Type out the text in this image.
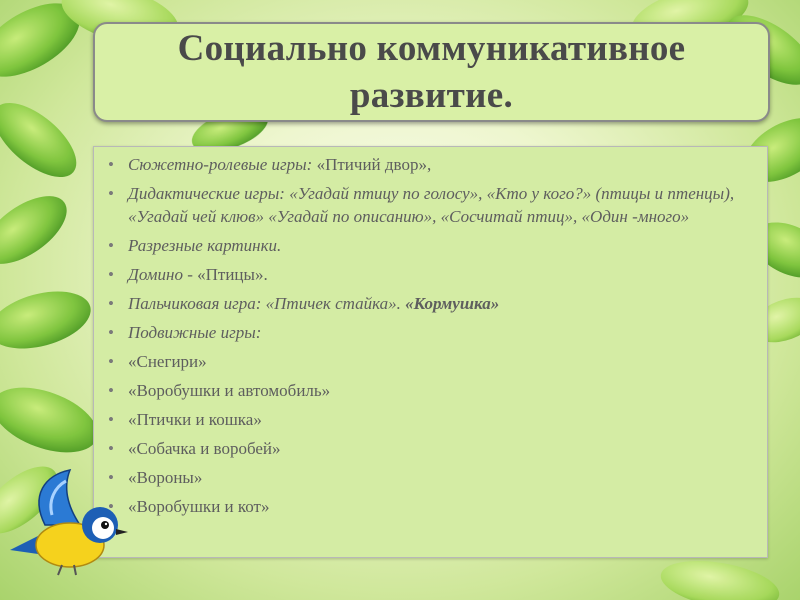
Социально коммуникативное
развитие.
• Сюжетно-ролевые игры: «Птичий двор»,
• Дидактические игры: «Угадай птицу по голосу», «Кто у кого?» (птицы и птенцы), «Угадай чей клюв» «Угадай по описанию», «Сосчитай птиц», «Один -много»
• Разрезные картинки.
• Домино - «Птицы».
• Пальчиковая игра: «Птичек стайка». «Кормушка»
• Подвижные игры:
• «Снегири»
• «Воробушки и автомобиль»
• «Птички и кошка»
• «Собачка и воробей»
• «Вороны»
• «Воробушки и кот»
